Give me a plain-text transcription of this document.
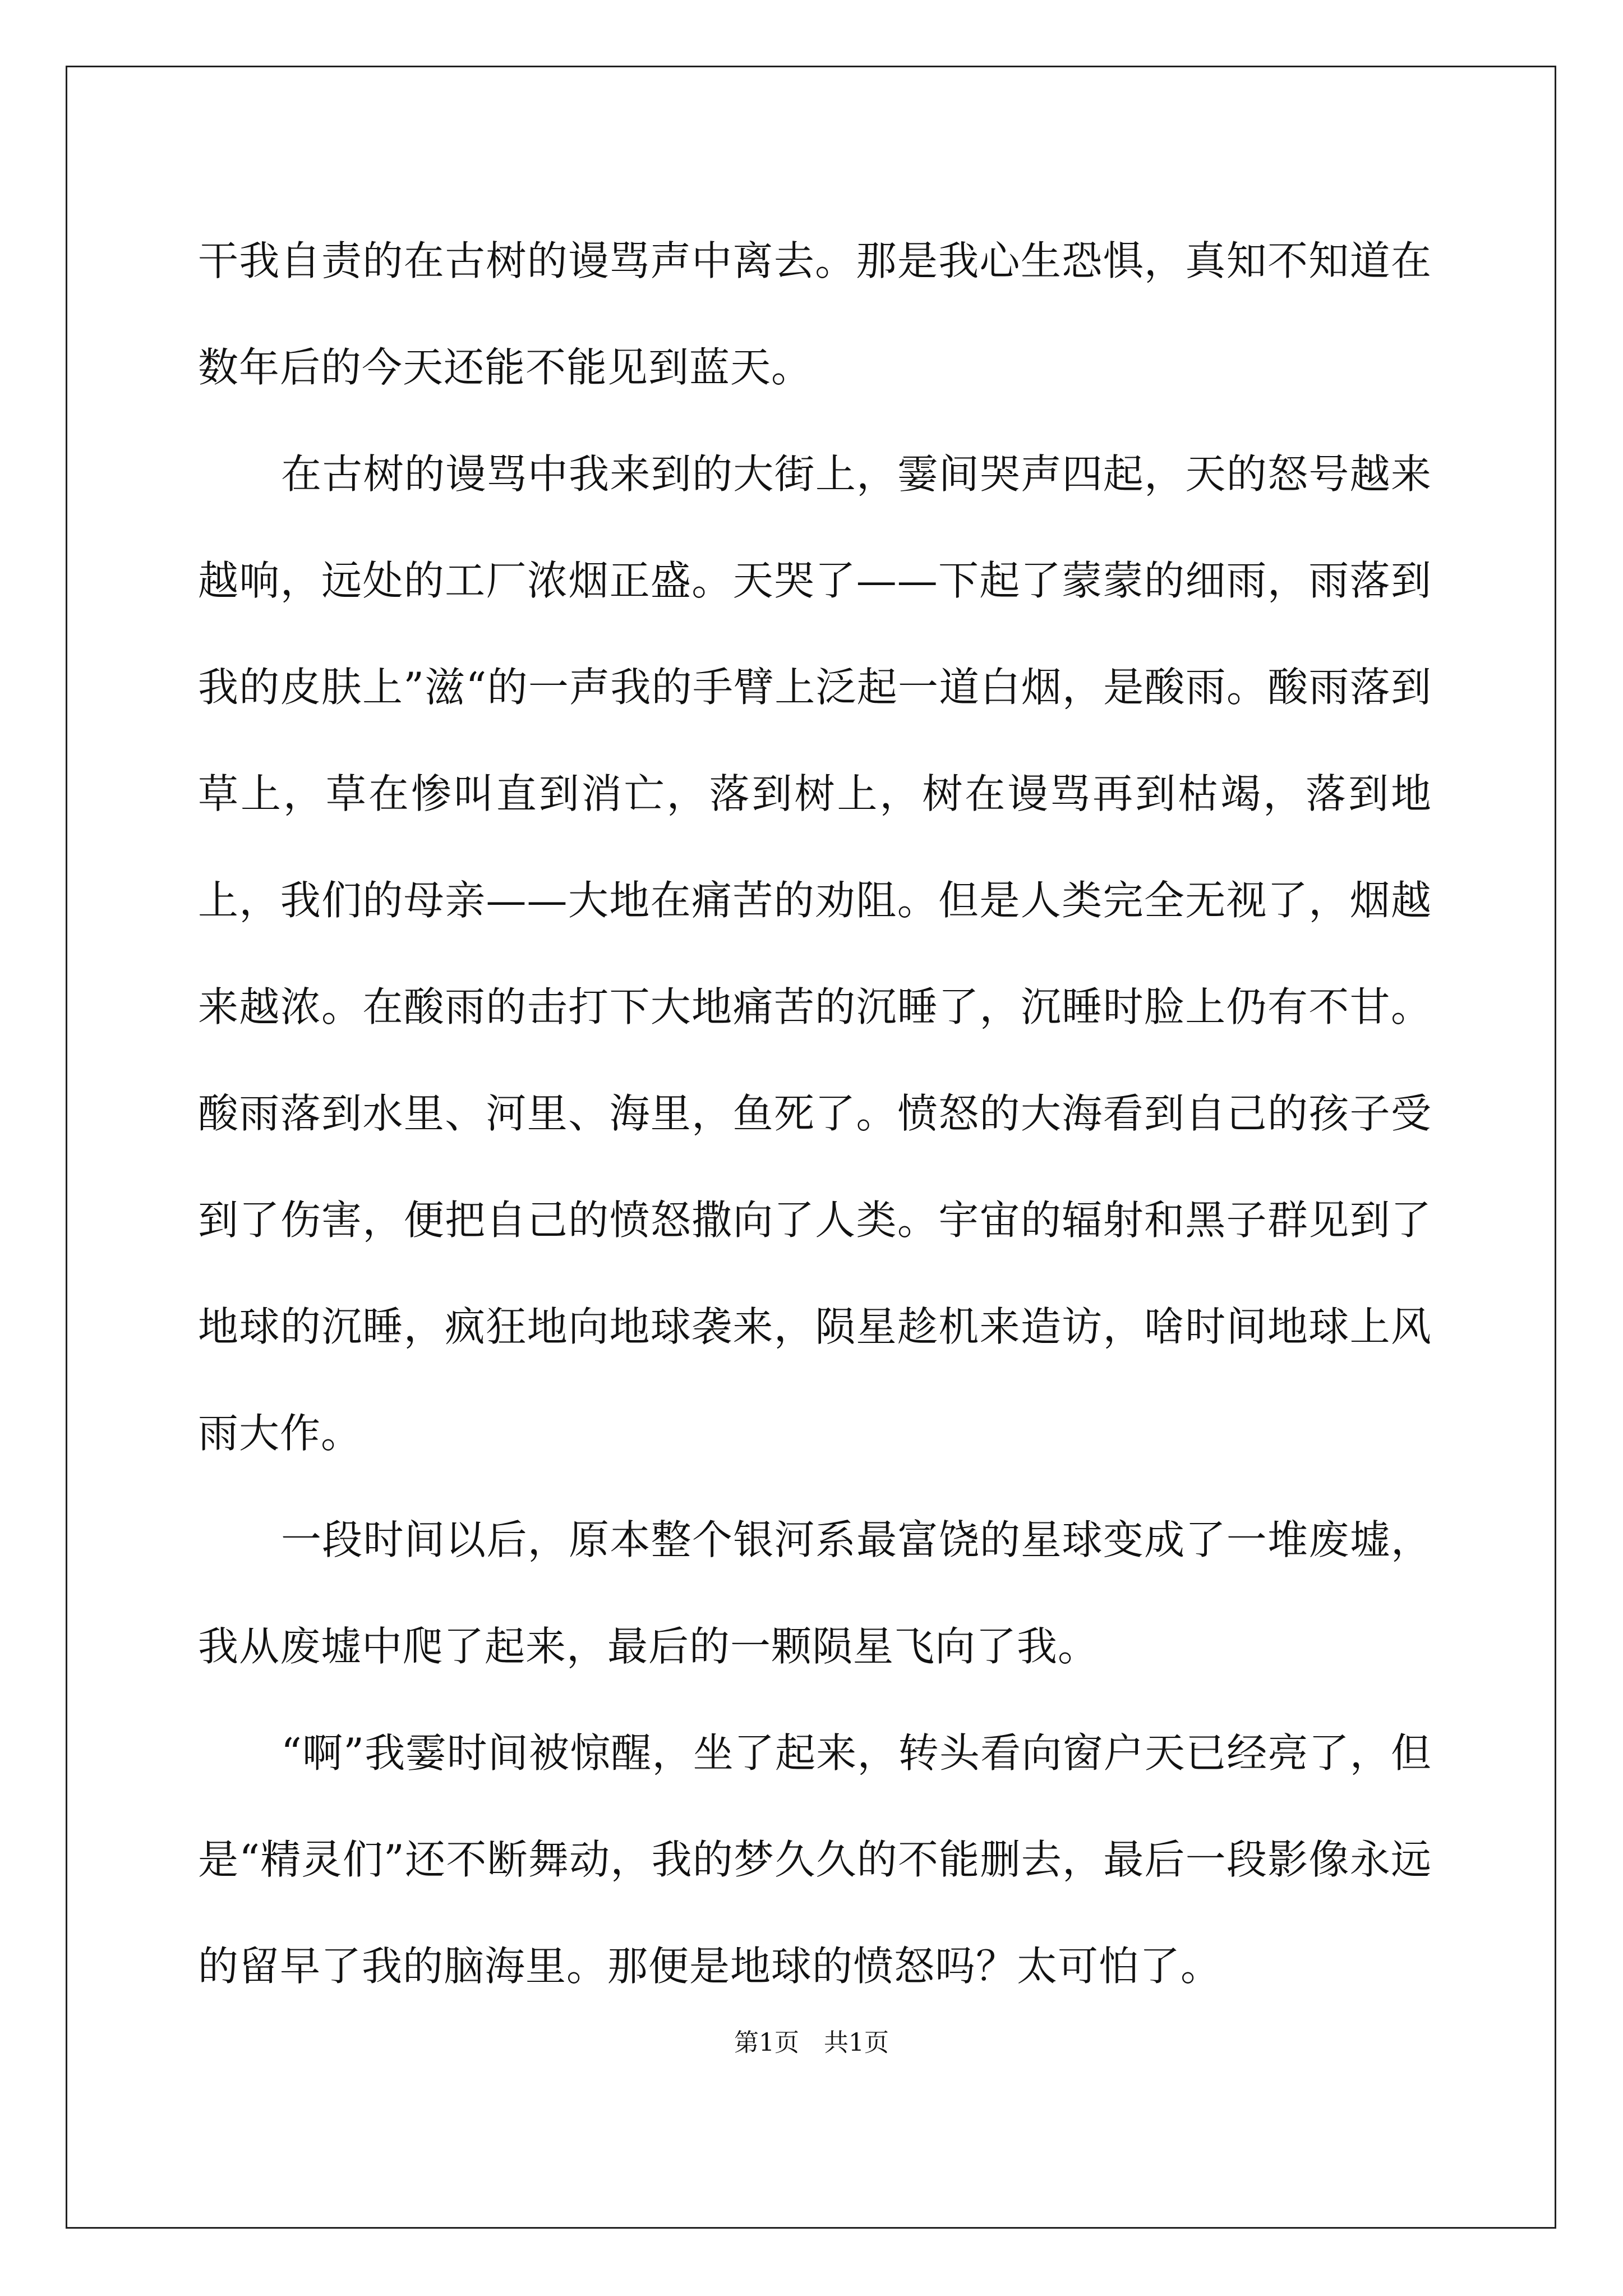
干我自责的在古树的谩骂声中离去。那是我心生恐惧，真知不知道在数年后的今天还能不能见到蓝天。

在古树的谩骂中我来到的大街上，霎间哭声四起，天的怒号越来越响，远处的工厂浓烟正盛。天哭了——下起了蒙蒙的细雨，雨落到我的皮肤上”滋“的一声我的手臂上泛起一道白烟，是酸雨。酸雨落到草上，草在惨叫直到消亡，落到树上，树在谩骂再到枯竭，落到地上，我们的母亲——大地在痛苦的劝阻。但是人类完全无视了，烟越来越浓。在酸雨的击打下大地痛苦的沉睡了，沉睡时脸上仍有不甘。酸雨落到水里、河里、海里，鱼死了。愤怒的大海看到自己的孩子受到了伤害，便把自己的愤怒撒向了人类。宇宙的辐射和黑子群见到了地球的沉睡，疯狂地向地球袭来，陨星趁机来造访，啥时间地球上风雨大作。

一段时间以后，原本整个银河系最富饶的星球变成了一堆废墟，我从废墟中爬了起来，最后的一颗陨星飞向了我。

“啊”我霎时间被惊醒，坐了起来，转头看向窗户天已经亮了，但是“精灵们”还不断舞动，我的梦久久的不能删去，最后一段影像永远的留早了我的脑海里。那便是地球的愤怒吗？太可怕了。

第1页　共1页
